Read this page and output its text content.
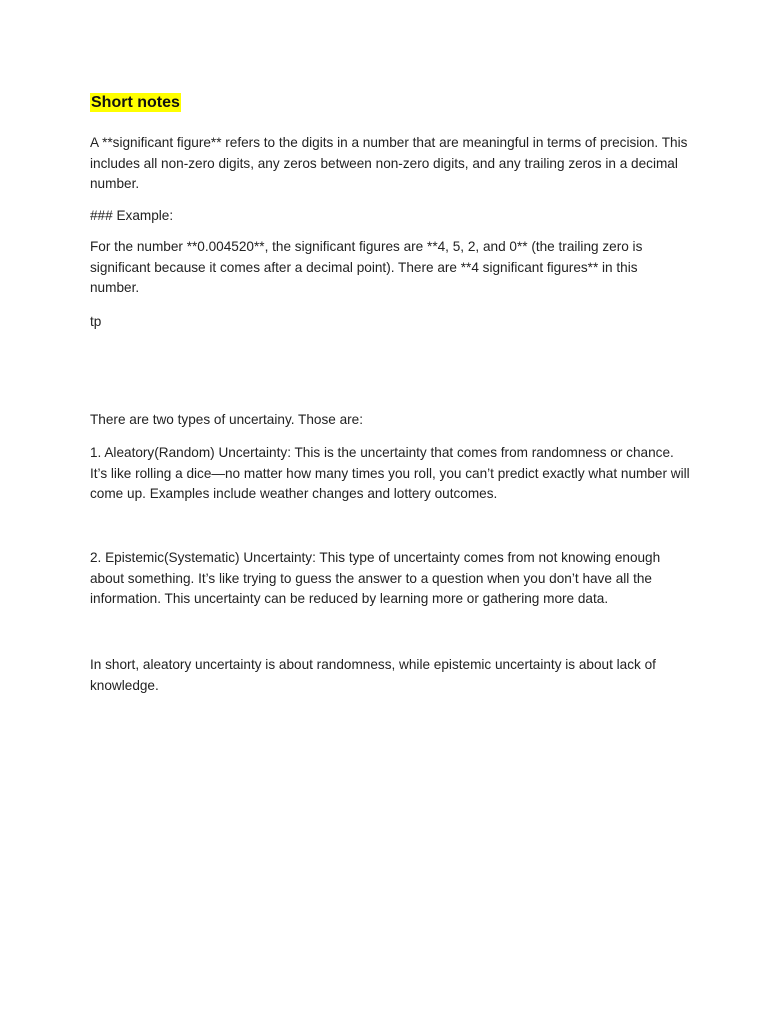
Short notes

A **significant figure** refers to the digits in a number that are meaningful in terms of precision. This includes all non-zero digits, any zeros between non-zero digits, and any trailing zeros in a decimal number.

### Example:

For the number **0.004520**, the significant figures are **4, 5, 2, and 0** (the trailing zero is significant because it comes after a decimal point). There are **4 significant figures** in this number.

tp

There are two types of uncertainy. Those are:

1. Aleatory(Random) Uncertainty: This is the uncertainty that comes from randomness or chance. It’s like rolling a dice—no matter how many times you roll, you can’t predict exactly what number will come up. Examples include weather changes and lottery outcomes.

2. Epistemic(Systematic) Uncertainty: This type of uncertainty comes from not knowing enough about something. It’s like trying to guess the answer to a question when you don’t have all the information. This uncertainty can be reduced by learning more or gathering more data.

In short, aleatory uncertainty is about randomness, while epistemic uncertainty is about lack of knowledge.
